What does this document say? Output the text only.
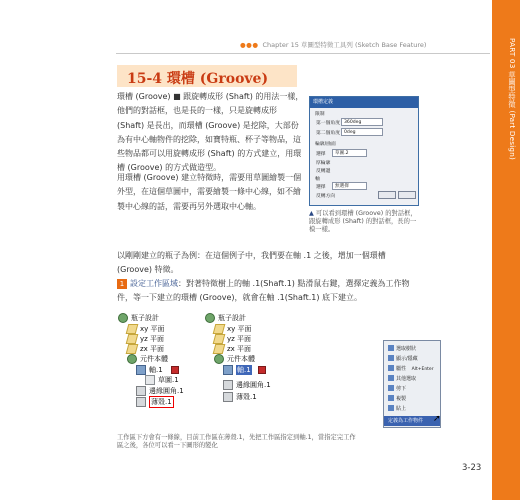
PART 03 草圖型特徵 (Part Design)
●●● Chapter 15 草圖型特徵工具列 (Sketch Base Feature)
15-4 環槽 (Groove)
環槽 (Groove) ■ 跟旋轉成形 (Shaft) 的用法一樣，他們的對話框，也是長的一樣，只是旋轉成形 (Shaft) 是長出，而環槽 (Groove) 是挖除，大部份為有中心軸物件的挖除，如寶特瓶、杯子等物品，這些物品都可以用旋轉成形 (Shaft) 的方式建立，用環槽 (Groove) 的方式做造型。
用環槽 (Groove) 建立特徵時，需要用草圖繪製一個外型，在這個草圖中，需要繪製一條中心線，如不繪製中心線的話，需要再另外選取中心軸。
以剛剛建立的瓶子為例：在這個例子中，我們要在軸 .1 之後，增加一個環槽 (Groove) 特徵。
1 設定工作區域：對著特徵樹上的軸 .1(Shaft.1) 點滑鼠右鍵，選擇定義為工作物件，等一下建立的環槽 (Groove)，就會在軸 .1(Shaft.1) 底下建立。
環槽定義
限制
第一個角度 360deg
第二個角度 0deg
輪廓/曲面
選擇	草圖.2
厚輪廓
反轉邊
軸
選擇	無選擇
反轉方向
▲ 可以看到環槽 (Groove) 的對話框，跟旋轉成形 (Shaft) 的對話框，長的一模一樣。
瓶子設計
xy 平面
yz 平面
zx 平面
元件本體
軸.1
草圖.1
邊緣圓角.1
薄殼.1
瓶子設計
xy 平面
yz 平面
zx 平面
元件本體
軸.1
邊緣圓角.1
薄殼.1
選取樹狀
顯示/隱藏
屬性 Alt+Enter
其他選取
剪下
複製
貼上
定義為工作物件	➚
工作區下方會有一條線，目前工作區在薄殼.1，先把工作區指定到軸.1，當指定完工作區之後，各位可以看一下圖形的變化
3-23
